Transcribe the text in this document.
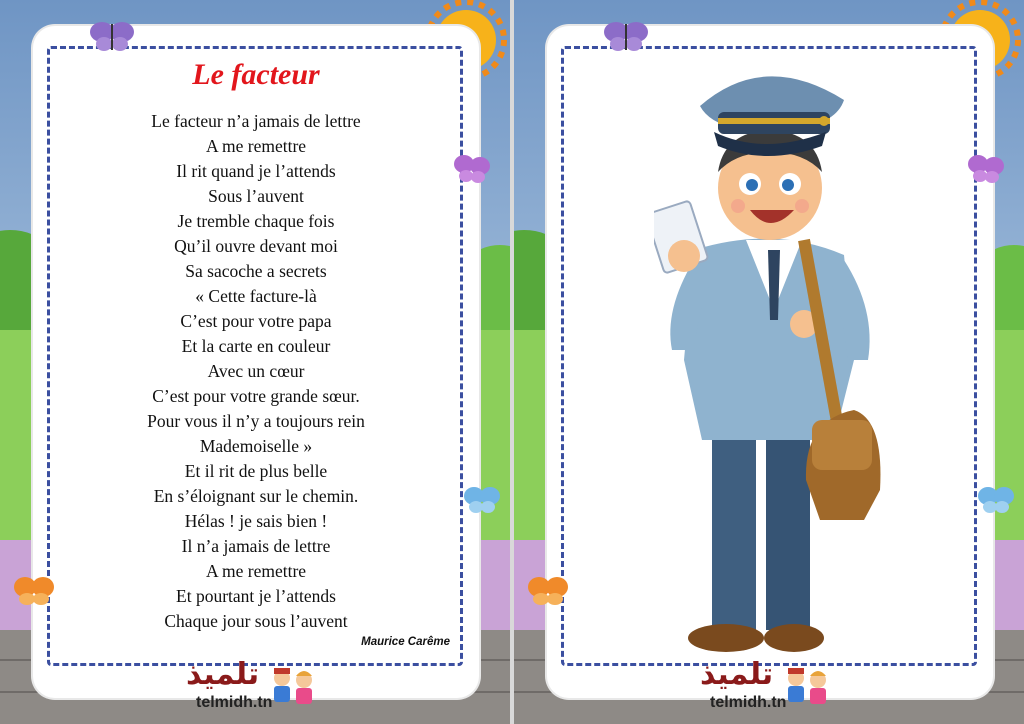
Le facteur
Le facteur n’a jamais de lettre
A me remettre
Il rit quand je l’attends
Sous l’auvent
Je tremble chaque fois
Qu’il ouvre devant moi
Sa sacoche a secrets
« Cette facture-là
C’est pour votre papa
Et la carte en couleur
Avec un cœur
C’est pour votre grande sœur.
Pour vous il n’y a toujours rein
Mademoiselle »
Et il rit de plus belle
En s’éloignant sur le chemin.
Hélas ! je sais bien !
Il n’a jamais de lettre
A me remettre
Et pourtant je l’attends
Chaque jour sous l’auvent
Maurice Carême
تلميذ
telmidh.tn
تلميذ
telmidh.tn
